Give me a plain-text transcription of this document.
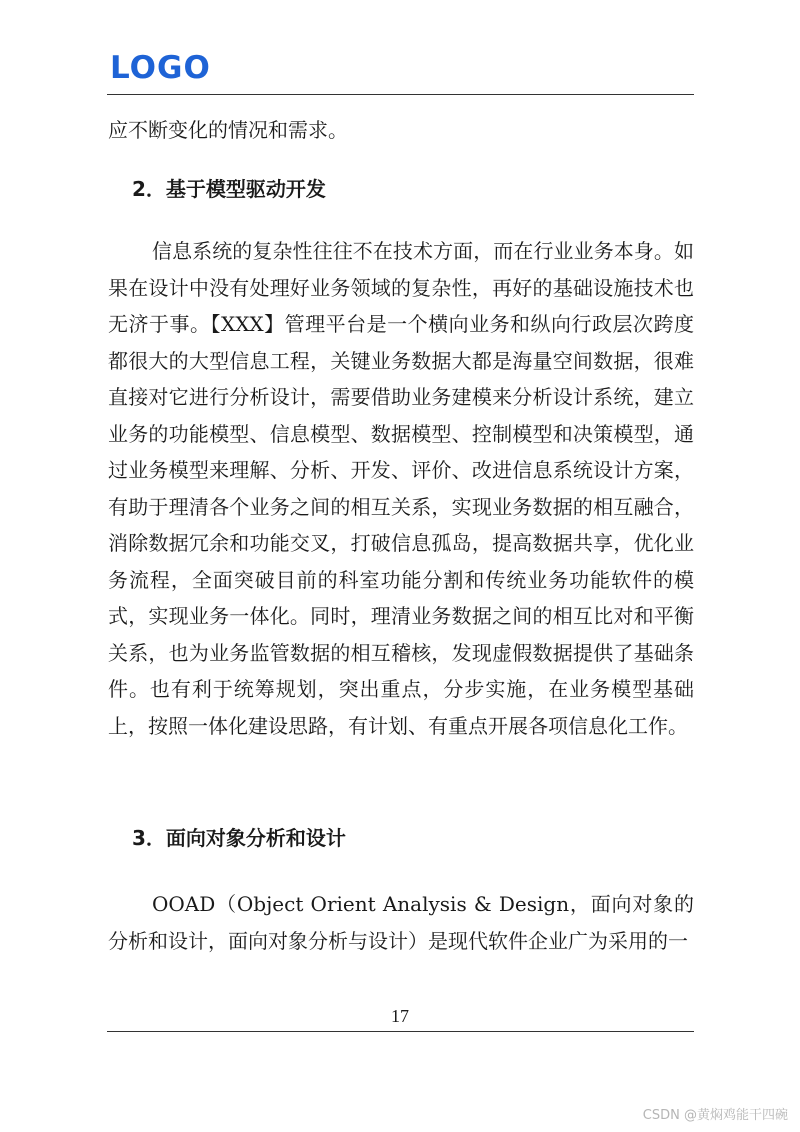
LOGO
应不断变化的情况和需求。
2．基于模型驱动开发
信息系统的复杂性往往不在技术方面，而在行业业务本身。如果在设计中没有处理好业务领域的复杂性，再好的基础设施技术也无济于事。【XXX】管理平台是一个横向业务和纵向行政层次跨度都很大的大型信息工程，关键业务数据大都是海量空间数据，很难直接对它进行分析设计，需要借助业务建模来分析设计系统，建立业务的功能模型、信息模型、数据模型、控制模型和决策模型，通过业务模型来理解、分析、开发、评价、改进信息系统设计方案，有助于理清各个业务之间的相互关系，实现业务数据的相互融合，消除数据冗余和功能交叉，打破信息孤岛，提高数据共享，优化业务流程，全面突破目前的科室功能分割和传统业务功能软件的模式，实现业务一体化。同时，理清业务数据之间的相互比对和平衡关系，也为业务监管数据的相互稽核，发现虚假数据提供了基础条件。也有利于统筹规划，突出重点，分步实施，在业务模型基础上，按照一体化建设思路，有计划、有重点开展各项信息化工作。
3．面向对象分析和设计
OOAD（Object Orient Analysis & Design，面向对象的分析和设计，面向对象分析与设计）是现代软件企业广为采用的一
17
CSDN @黄焖鸡能干四碗
